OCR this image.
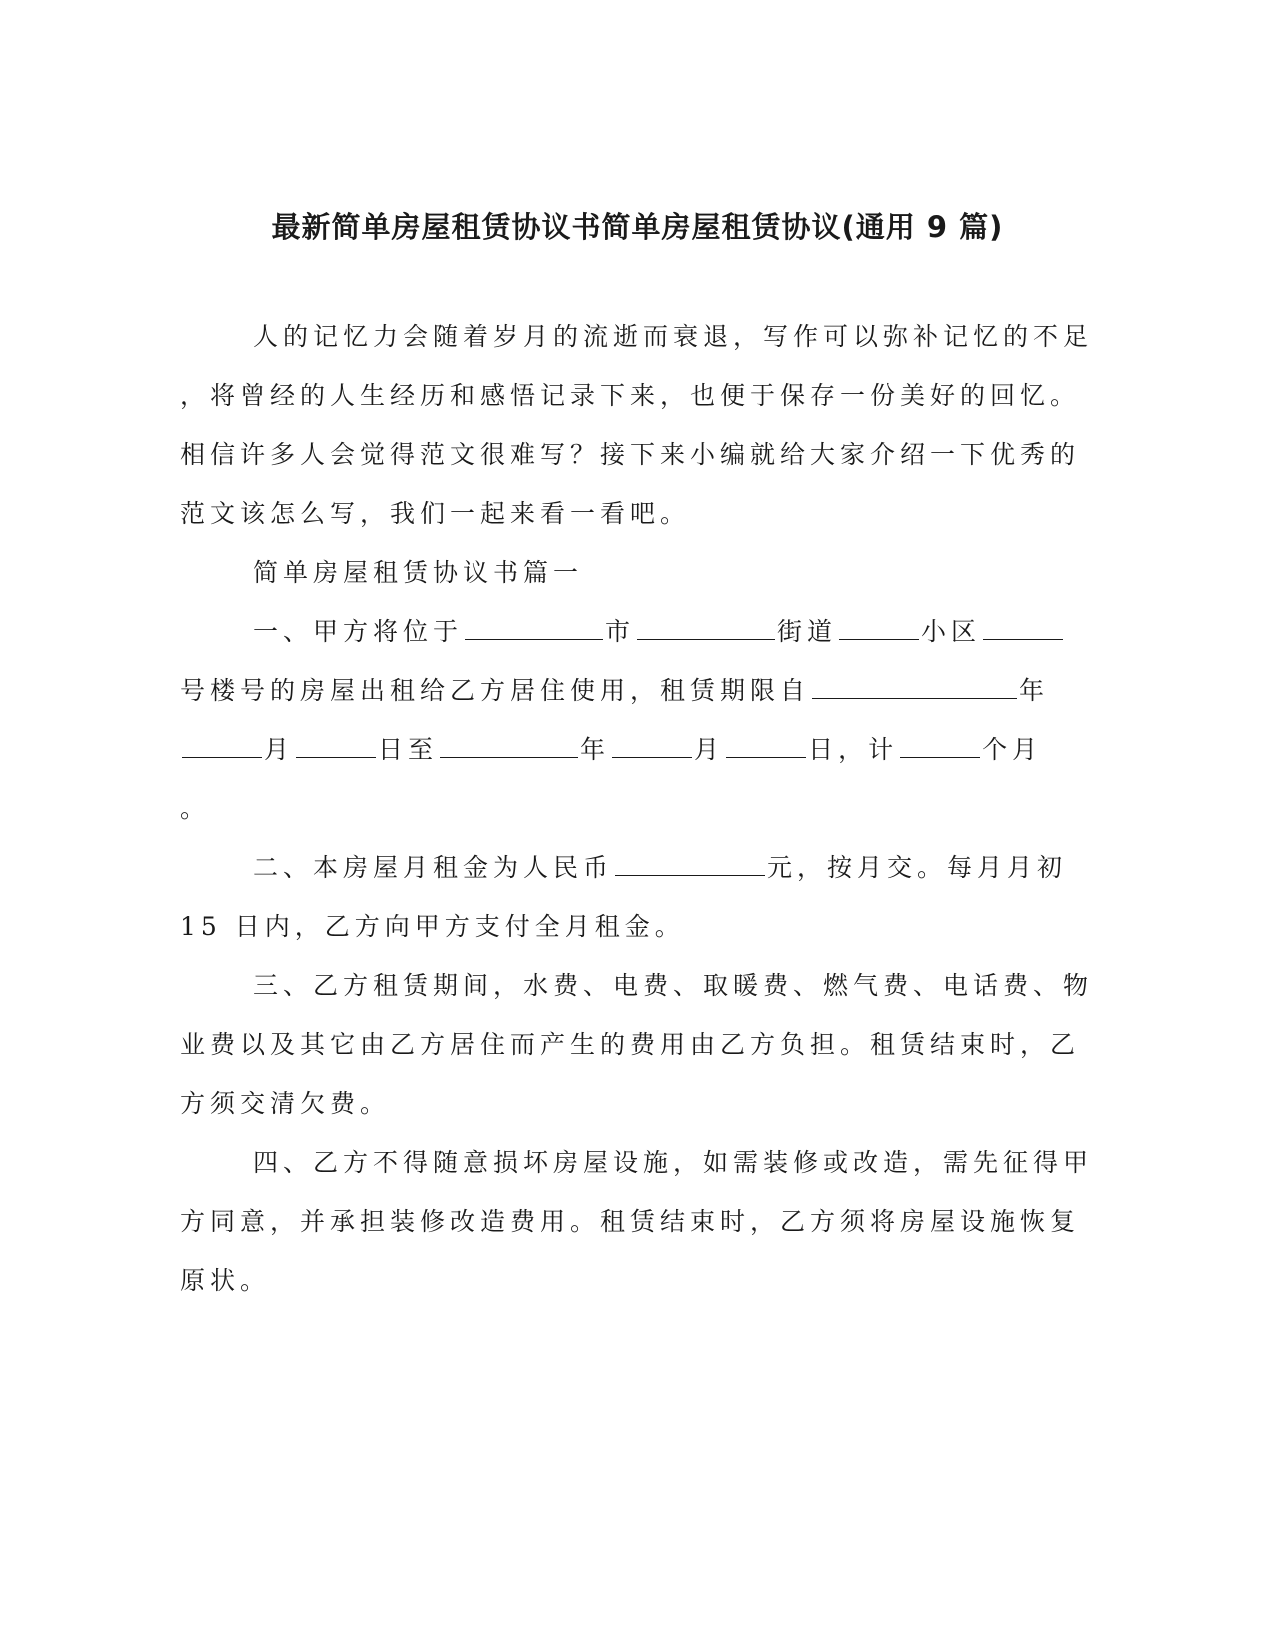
最新简单房屋租赁协议书简单房屋租赁协议(通用 9 篇)
人的记忆力会随着岁月的流逝而衰退，写作可以弥补记忆的不足
，将曾经的人生经历和感悟记录下来，也便于保存一份美好的回忆。
相信许多人会觉得范文很难写？接下来小编就给大家介绍一下优秀的
范文该怎么写，我们一起来看一看吧。
简单房屋租赁协议书篇一
一、甲方将位于	市	街道	小区
号楼号的房屋出租给乙方居住使用，租赁期限自	年
月	日至	年	月	日，计	个月
。
二、本房屋月租金为人民币	元，按月交。每月月初
15 日内，乙方向甲方支付全月租金。
三、乙方租赁期间，水费、电费、取暖费、燃气费、电话费、物
业费以及其它由乙方居住而产生的费用由乙方负担。租赁结束时，乙
方须交清欠费。
四、乙方不得随意损坏房屋设施，如需装修或改造，需先征得甲
方同意，并承担装修改造费用。租赁结束时，乙方须将房屋设施恢复
原状。
